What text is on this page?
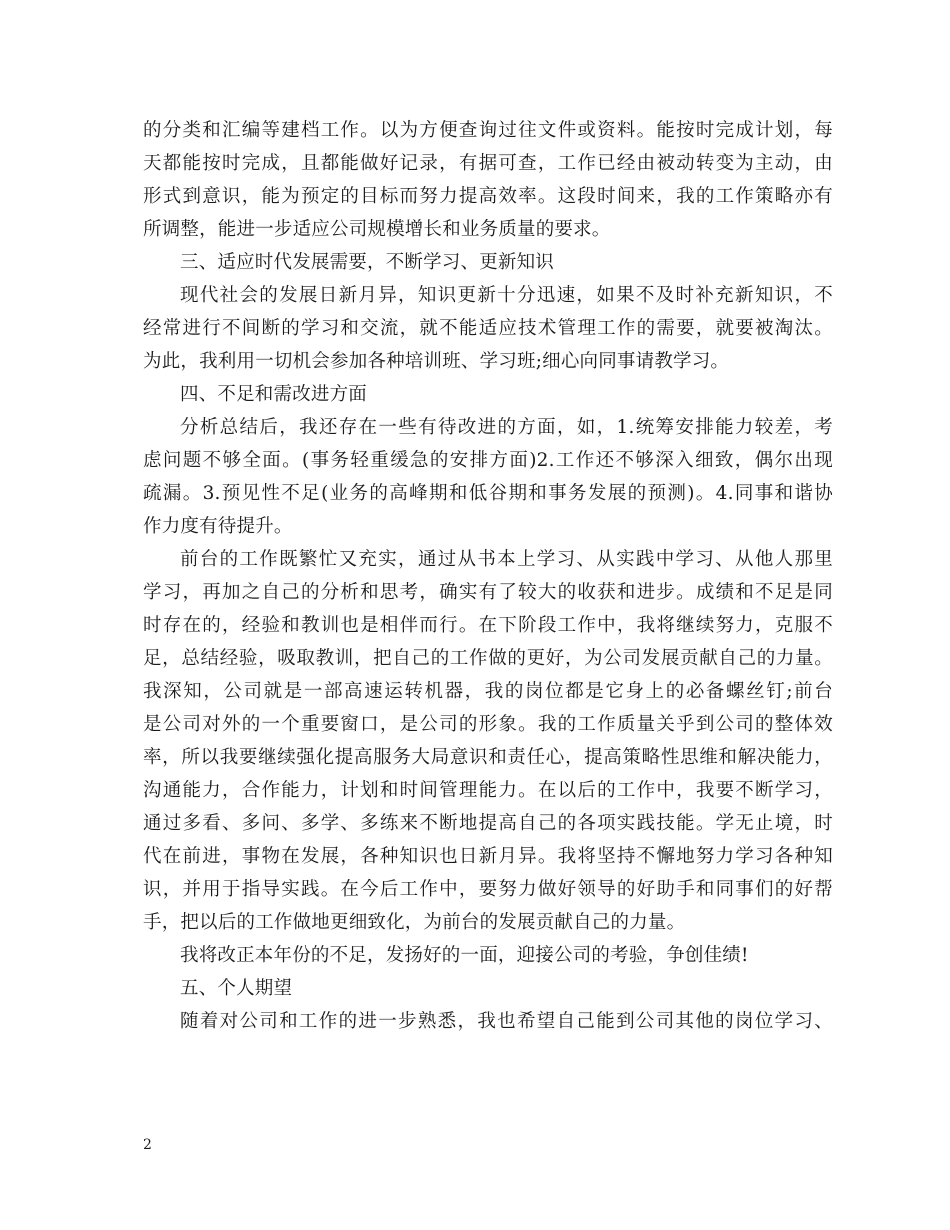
的分类和汇编等建档工作。以为方便查询过往文件或资料。能按时完成计划，每
天都能按时完成，且都能做好记录，有据可查，工作已经由被动转变为主动，由
形式到意识，能为预定的目标而努力提高效率。这段时间来，我的工作策略亦有
所调整，能进一步适应公司规模增长和业务质量的要求。
三、适应时代发展需要，不断学习、更新知识
现代社会的发展日新月异，知识更新十分迅速，如果不及时补充新知识，不
经常进行不间断的学习和交流，就不能适应技术管理工作的需要，就要被淘汰。
为此，我利用一切机会参加各种培训班、学习班;细心向同事请教学习。
四、不足和需改进方面
分析总结后，我还存在一些有待改进的方面，如，1.统筹安排能力较差，考
虑问题不够全面。(事务轻重缓急的安排方面)2.工作还不够深入细致，偶尔出现
疏漏。3.预见性不足(业务的高峰期和低谷期和事务发展的预测)。4.同事和谐协
作力度有待提升。
前台的工作既繁忙又充实，通过从书本上学习、从实践中学习、从他人那里
学习，再加之自己的分析和思考，确实有了较大的收获和进步。成绩和不足是同
时存在的，经验和教训也是相伴而行。在下阶段工作中，我将继续努力，克服不
足，总结经验，吸取教训，把自己的工作做的更好，为公司发展贡献自己的力量。
我深知，公司就是一部高速运转机器，我的岗位都是它身上的必备螺丝钉;前台
是公司对外的一个重要窗口，是公司的形象。我的工作质量关乎到公司的整体效
率，所以我要继续强化提高服务大局意识和责任心，提高策略性思维和解决能力，
沟通能力，合作能力，计划和时间管理能力。在以后的工作中，我要不断学习，
通过多看、多问、多学、多练来不断地提高自己的各项实践技能。学无止境，时
代在前进，事物在发展，各种知识也日新月异。我将坚持不懈地努力学习各种知
识，并用于指导实践。在今后工作中，要努力做好领导的好助手和同事们的好帮
手，把以后的工作做地更细致化，为前台的发展贡献自己的力量。
我将改正本年份的不足，发扬好的一面，迎接公司的考验，争创佳绩!
五、个人期望
随着对公司和工作的进一步熟悉，我也希望自己能到公司其他的岗位学习、
2
